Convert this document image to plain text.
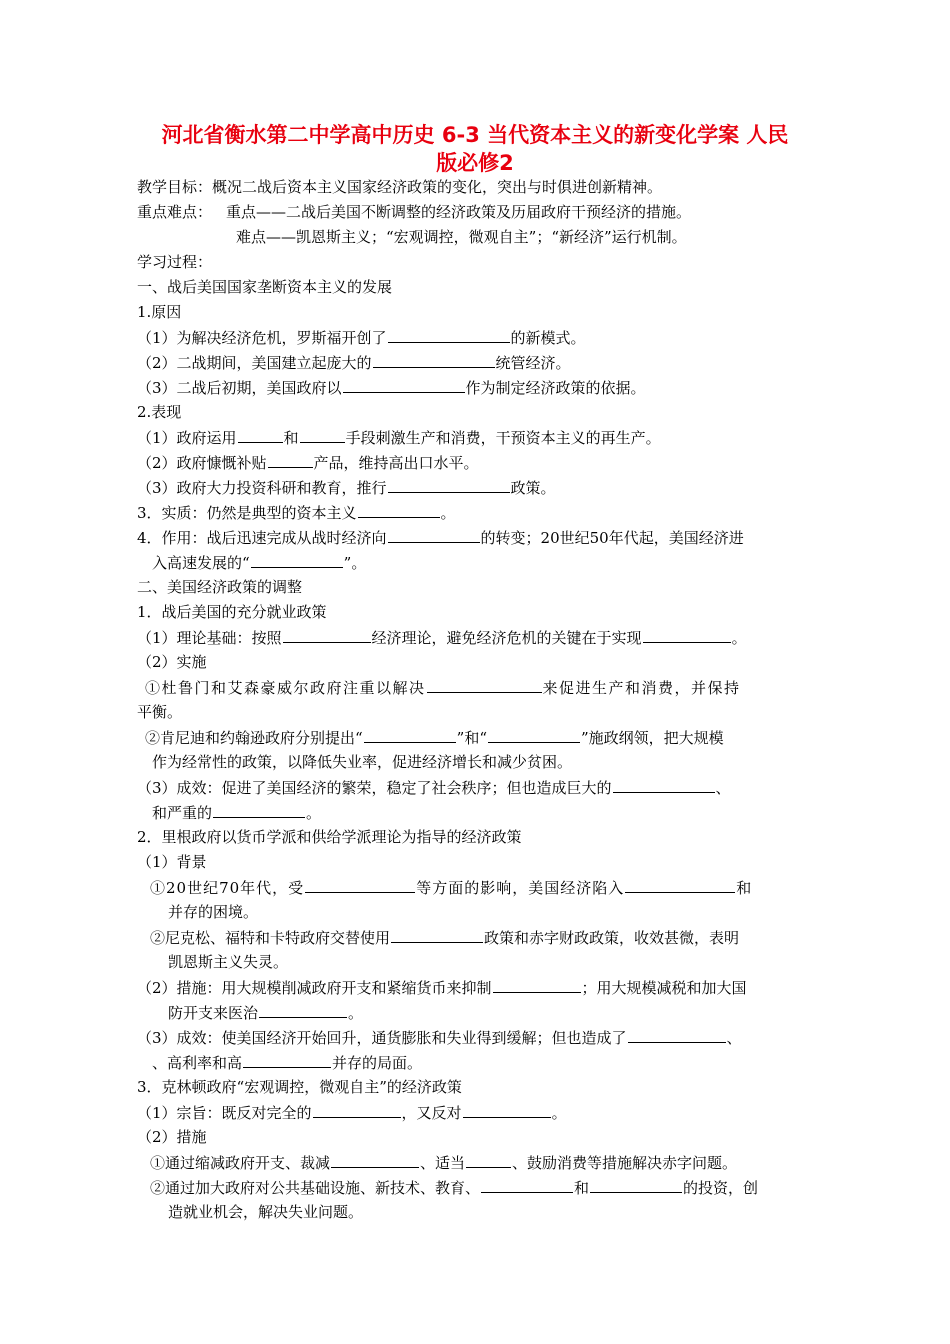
河北省衡水第二中学高中历史 6-3 当代资本主义的新变化学案 人民
版必修2
教学目标：概况二战后资本主义国家经济政策的变化，突出与时俱进创新精神。
重点难点： 重点——二战后美国不断调整的经济政策及历届政府干预经济的措施。
难点——凯恩斯主义；“宏观调控，微观自主”；“新经济”运行机制。
学习过程：
一、战后美国国家垄断资本主义的发展
1.原因
（1）为解决经济危机，罗斯福开创了	的新模式。
（2）二战期间，美国建立起庞大的	统管经济。
（3）二战后初期，美国政府以	作为制定经济政策的依据。
2.表现
（1）政府运用	和	手段刺激生产和消费，干预资本主义的再生产。
（2）政府慷慨补贴	产品，维持高出口水平。
（3）政府大力投资科研和教育，推行	政策。
3．实质：仍然是典型的资本主义	。
4．作用：战后迅速完成从战时经济向	的转变；20世纪50年代起，美国经济进
入高速发展的“	”。
二、美国经济政策的调整
1．战后美国的充分就业政策
（1）理论基础：按照	经济理论，避免经济危机的关键在于实现	。
（2）实施
①杜鲁门和艾森豪威尔政府注重以解决	来促进生产和消费，并保持
平衡。
②肯尼迪和约翰逊政府分别提出“	”和“	”施政纲领，把大规模
作为经常性的政策，以降低失业率，促进经济增长和减少贫困。
（3）成效：促进了美国经济的繁荣，稳定了社会秩序；但也造成巨大的	、
和严重的	。
2．里根政府以货币学派和供给学派理论为指导的经济政策
（1）背景
①20世纪70年代，受	等方面的影响，美国经济陷入	和
并存的困境。
②尼克松、福特和卡特政府交替使用	政策和赤字财政政策，收效甚微，表明
凯恩斯主义失灵。
（2）措施：用大规模削减政府开支和紧缩货币来抑制	；用大规模减税和加大国
防开支来医治	。
（3）成效：使美国经济开始回升，通货膨胀和失业得到缓解；但也造成了	、
、高利率和高	并存的局面。
3．克林顿政府“宏观调控，微观自主”的经济政策
（1）宗旨：既反对完全的	，又反对	。
（2）措施
①通过缩减政府开支、裁减	、适当	、鼓励消费等措施解决赤字问题。
②通过加大政府对公共基础设施、新技术、教育、	和	的投资，创
造就业机会，解决失业问题。
